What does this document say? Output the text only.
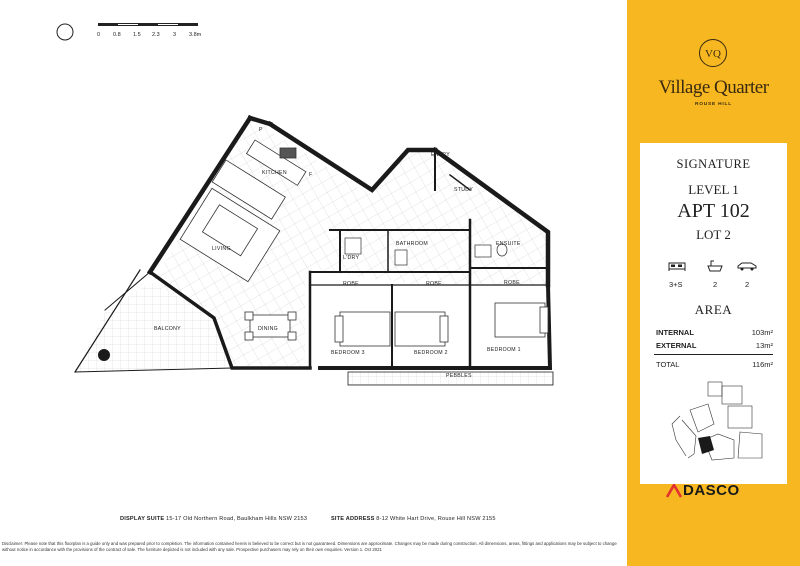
0 0.8 1.5 2.3 3 3.8m
P
KITCHEN	F
ENTRY
STUDY
LIVING
L'DRY
BATHROOM	ENSUITE
ROBE	ROBE	ROBE
BALCONY	DINING
BEDROOM 3	BEDROOM 2	BEDROOM 1
PEBBLES
DISPLAY SUITE 15-17 Old Northern Road, Baulkham Hills NSW 2153	SITE ADDRESS 8-12 White Hart Drive, Rouse Hill NSW 2155
Disclaimer: Please note that this floorplan is a guide only and was prepared prior to completion. The information contained herein is believed to be correct but is not guaranteed. Dimensions are approximate. Changes may be made during construction. All dimensions, areas, fittings and applications may be subject to change without notice in accordance with the provisions of the contract of sale. The furniture depicted is not included with any sale. Prospective purchasers may rely on their own enquiries. Version 1. Oct 2021
VQ
Village Quarter
ROUSE HILL
SIGNATURE
LEVEL 1
APT 102
LOT 2
3+S	2	2
AREA
INTERNAL	103m²
EXTERNAL	13m²
TOTAL	116m²
DASCO
